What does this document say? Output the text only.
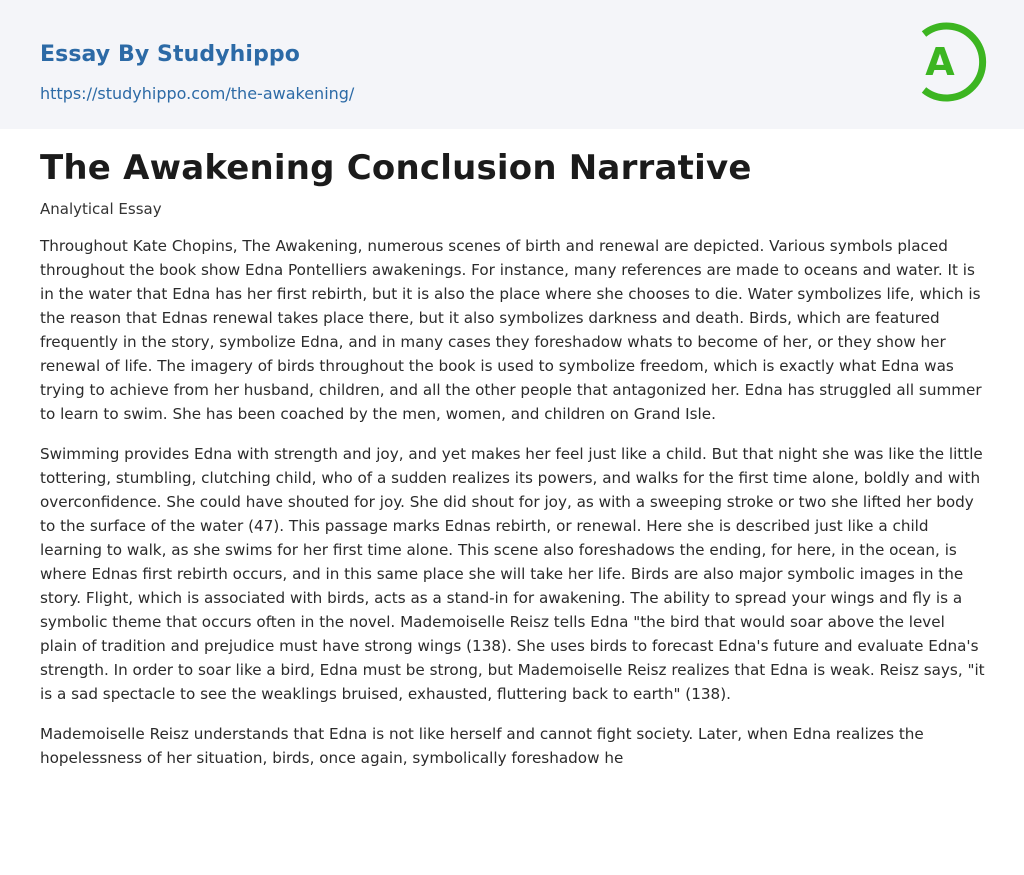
Essay By Studyhippo
https://studyhippo.com/the-awakening/
A
The Awakening Conclusion Narrative
Analytical Essay

Throughout Kate Chopins, The Awakening, numerous scenes of birth and renewal are depicted. Various symbols placed throughout the book show Edna Pontelliers awakenings. For instance, many references are made to oceans and water. It is in the water that Edna has her first rebirth, but it is also the place where she chooses to die. Water symbolizes life, which is the reason that Ednas renewal takes place there, but it also symbolizes darkness and death. Birds, which are featured frequently in the story, symbolize Edna, and in many cases they foreshadow whats to become of her, or they show her renewal of life. The imagery of birds throughout the book is used to symbolize freedom, which is exactly what Edna was trying to achieve from her husband, children, and all the other people that antagonized her. Edna has struggled all summer to learn to swim. She has been coached by the men, women, and children on Grand Isle.

Swimming provides Edna with strength and joy, and yet makes her feel just like a child. But that night she was like the little tottering, stumbling, clutching child, who of a sudden realizes its powers, and walks for the first time alone, boldly and with overconfidence. She could have shouted for joy. She did shout for joy, as with a sweeping stroke or two she lifted her body to the surface of the water (47). This passage marks Ednas rebirth, or renewal. Here she is described just like a child learning to walk, as she swims for her first time alone. This scene also foreshadows the ending, for here, in the ocean, is where Ednas first rebirth occurs, and in this same place she will take her life. Birds are also major symbolic images in the story. Flight, which is associated with birds, acts as a stand-in for awakening. The ability to spread your wings and fly is a symbolic theme that occurs often in the novel. Mademoiselle Reisz tells Edna "the bird that would soar above the level plain of tradition and prejudice must have strong wings (138). She uses birds to forecast Edna's future and evaluate Edna's strength. In order to soar like a bird, Edna must be strong, but Mademoiselle Reisz realizes that Edna is weak. Reisz says, "it is a sad spectacle to see the weaklings bruised, exhausted, fluttering back to earth" (138).

Mademoiselle Reisz understands that Edna is not like herself and cannot fight society. Later, when Edna realizes the hopelessness of her situation, birds, once again, symbolically foreshadow he
